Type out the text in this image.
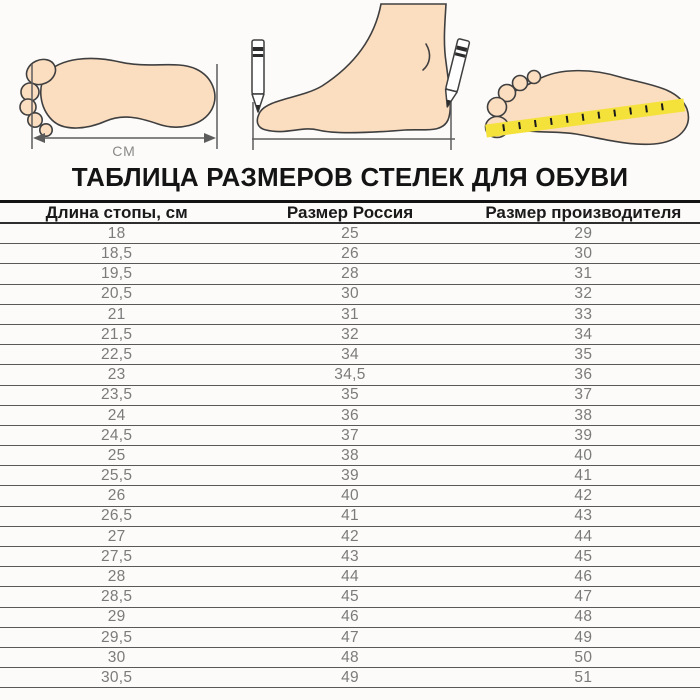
СМ
ТАБЛИЦА РАЗМЕРОВ СТЕЛЕК ДЛЯ ОБУВИ
Длина стопы, см	Размер Россия	Размер производителя
18	25	29
18,5	26	30
19,5	28	31
20,5	30	32
21	31	33
21,5	32	34
22,5	34	35
23	34,5	36
23,5	35	37
24	36	38
24,5	37	39
25	38	40
25,5	39	41
26	40	42
26,5	41	43
27	42	44
27,5	43	45
28	44	46
28,5	45	47
29	46	48
29,5	47	49
30	48	50
30,5	49	51
